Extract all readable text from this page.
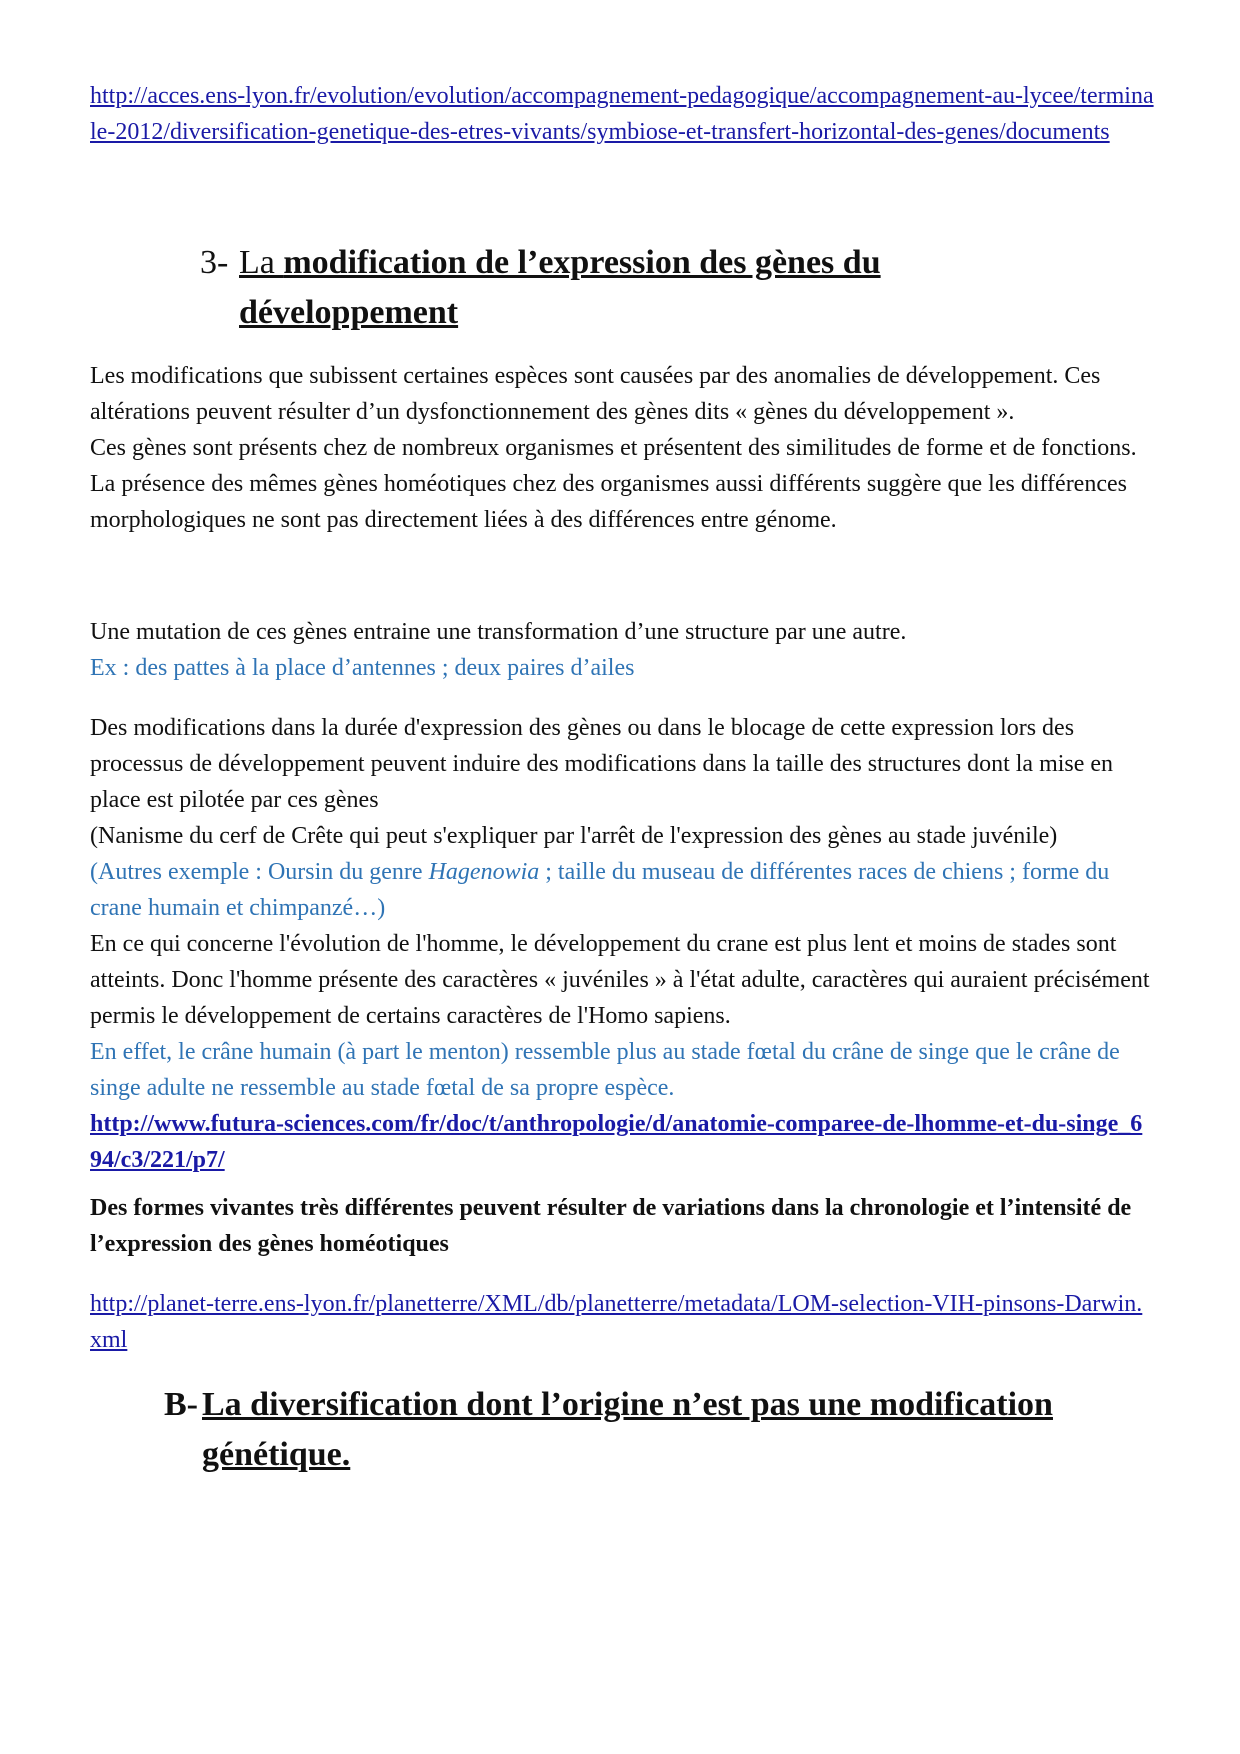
http://acces.ens-lyon.fr/evolution/evolution/accompagnement-pedagogique/accompagnement-au-lycee/terminale-2012/diversification-genetique-des-etres-vivants/symbiose-et-transfert-horizontal-des-genes/documents
3- La modification de l’expression des gènes du développement

Les modifications que subissent certaines espèces sont causées par des anomalies de développement. Ces altérations peuvent résulter d’un dysfonctionnement des gènes dits « gènes du développement ».

Ces gènes sont présents chez de nombreux organismes et présentent des similitudes de forme et de fonctions.

La présence des mêmes gènes homéotiques chez des organismes aussi différents suggère que les différences morphologiques ne sont pas directement liées à des différences entre génome.

Une mutation de ces gènes entraine une transformation d’une structure par une autre.

Ex : des pattes à la place d’antennes ; deux paires d’ailes

Des modifications dans la durée d'expression des gènes ou dans le blocage de cette expression lors des processus de développement peuvent induire des modifications dans la taille des structures dont la mise en place est pilotée par ces gènes

(Nanisme du cerf de Crête qui peut s'expliquer par l'arrêt de l'expression des gènes au stade juvénile)

(Autres exemple : Oursin du genre Hagenowia ; taille du museau de différentes races de chiens ; forme du crane humain et chimpanzé…)

En ce qui concerne l'évolution de l'homme, le développement du crane est plus lent et moins de stades sont atteints. Donc l'homme présente des caractères « juvéniles » à l'état adulte, caractères qui auraient précisément permis le développement de certains caractères de l'Homo sapiens.

En effet, le crâne humain (à part le menton) ressemble plus au stade fœtal du crâne de singe que le crâne de singe adulte ne ressemble au stade fœtal de sa propre espèce.

http://www.futura-sciences.com/fr/doc/t/anthropologie/d/anatomie-comparee-de-lhomme-et-du-singe_694/c3/221/p7/

Des formes vivantes très différentes peuvent résulter de variations dans la chronologie et l’intensité de l’expression des gènes homéotiques
http://planet-terre.ens-lyon.fr/planetterre/XML/db/planetterre/metadata/LOM-selection-VIH-pinsons-Darwin.xml
B- La diversification dont l’origine n’est pas une modification génétique.
